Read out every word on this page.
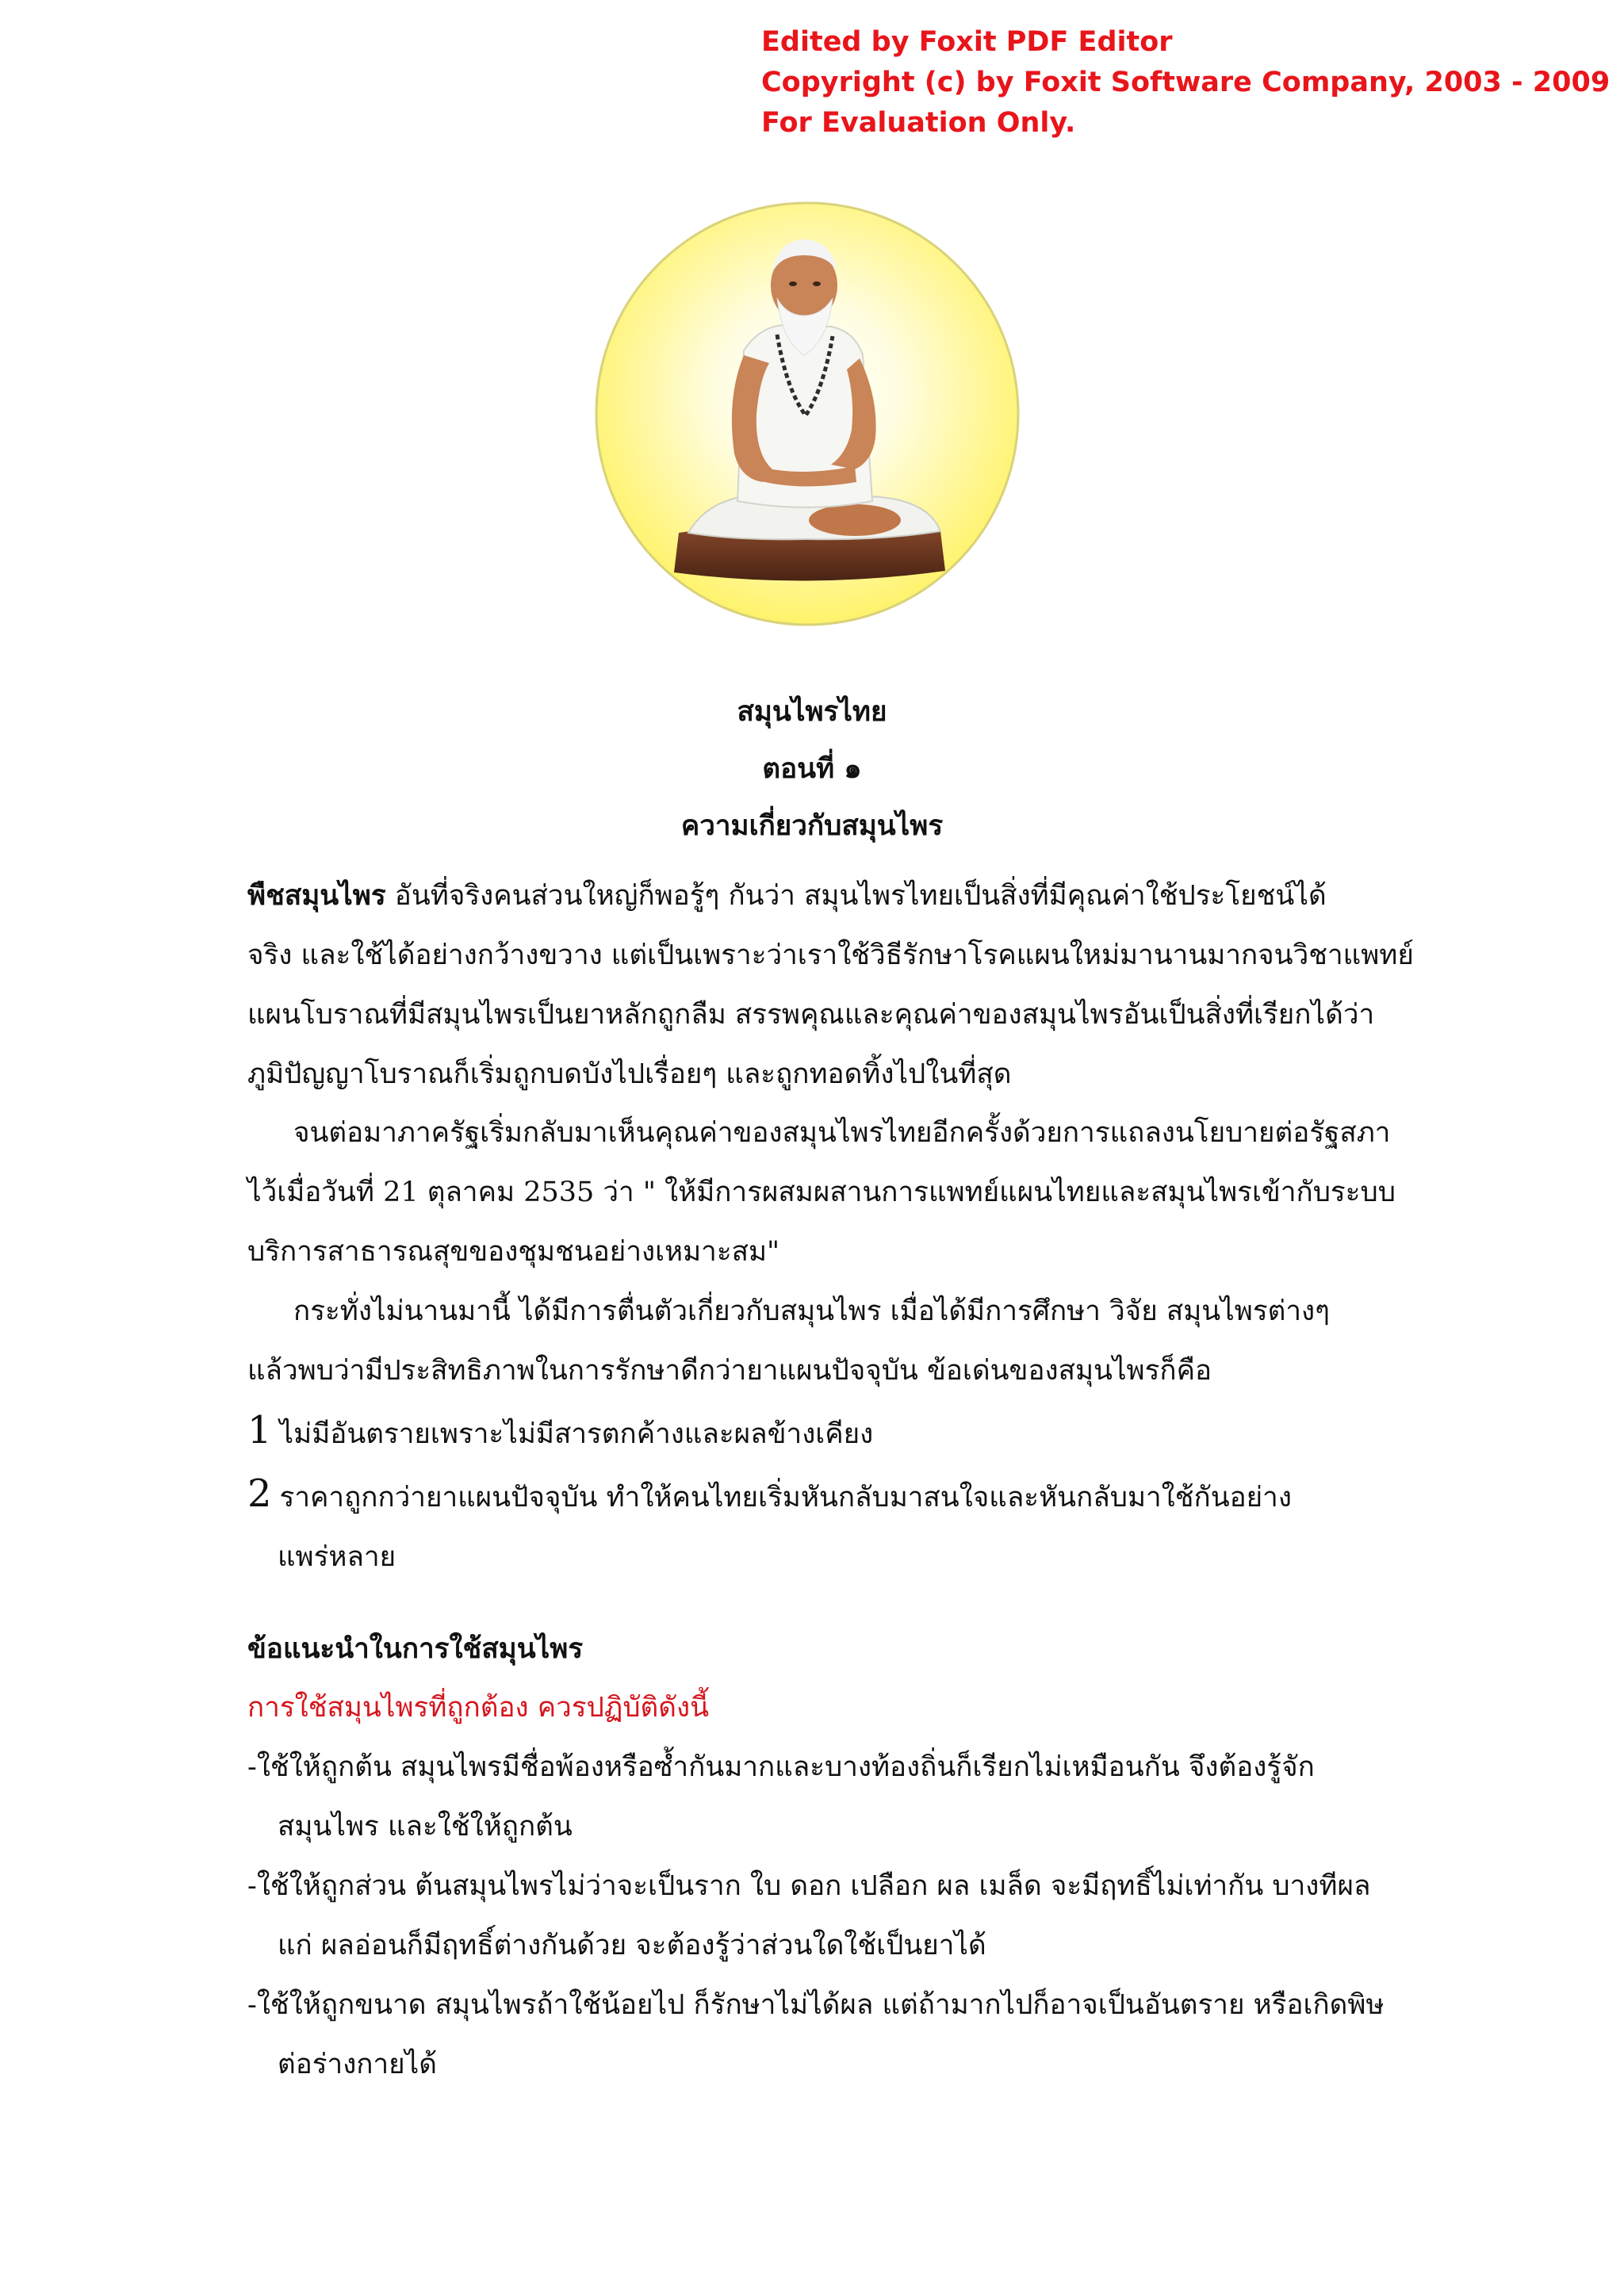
Edited by Foxit PDF Editor
Copyright (c) by Foxit Software Company, 2003 - 2009
For Evaluation Only.
สมุนไพรไทย
ตอนที่ ๑
ความเกี่ยวกับสมุนไพร

พืชสมุนไพร อันที่จริงคนส่วนใหญ่ก็พอรู้ๆ กันว่า สมุนไพรไทยเป็นสิ่งที่มีคุณค่าใช้ประโยชน์ได้

จริง และใช้ได้อย่างกว้างขวาง แต่เป็นเพราะว่าเราใช้วิธีรักษาโรคแผนใหม่มานานมากจนวิชาแพทย์

แผนโบราณที่มีสมุนไพรเป็นยาหลักถูกลืม สรรพคุณและคุณค่าของสมุนไพรอันเป็นสิ่งที่เรียกได้ว่า

ภูมิปัญญาโบราณก็เริ่มถูกบดบังไปเรื่อยๆ และถูกทอดทิ้งไปในที่สุด

จนต่อมาภาครัฐเริ่มกลับมาเห็นคุณค่าของสมุนไพรไทยอีกครั้งด้วยการแถลงนโยบายต่อรัฐสภา

ไว้เมื่อวันที่ 21 ตุลาคม 2535 ว่า " ให้มีการผสมผสานการแพทย์แผนไทยและสมุนไพรเข้ากับระบบ

บริการสาธารณสุขของชุมชนอย่างเหมาะสม"

กระทั่งไม่นานมานี้ ได้มีการตื่นตัวเกี่ยวกับสมุนไพร เมื่อได้มีการศึกษา วิจัย สมุนไพรต่างๆ

แล้วพบว่ามีประสิทธิภาพในการรักษาดีกว่ายาแผนปัจจุบัน ข้อเด่นของสมุนไพรก็คือ

1 ไม่มีอันตรายเพราะไม่มีสารตกค้างและผลข้างเคียง

2 ราคาถูกกว่ายาแผนปัจจุบัน ทำให้คนไทยเริ่มหันกลับมาสนใจและหันกลับมาใช้กันอย่าง

แพร่หลาย

ข้อแนะนำในการใช้สมุนไพร

การใช้สมุนไพรที่ถูกต้อง ควรปฏิบัติดังนี้

-ใช้ให้ถูกต้น สมุนไพรมีชื่อพ้องหรือซ้ำกันมากและบางท้องถิ่นก็เรียกไม่เหมือนกัน จึงต้องรู้จัก

สมุนไพร และใช้ให้ถูกต้น

-ใช้ให้ถูกส่วน ต้นสมุนไพรไม่ว่าจะเป็นราก ใบ ดอก เปลือก ผล เมล็ด จะมีฤทธิ์ไม่เท่ากัน บางทีผล

แก่ ผลอ่อนก็มีฤทธิ์ต่างกันด้วย จะต้องรู้ว่าส่วนใดใช้เป็นยาได้

-ใช้ให้ถูกขนาด สมุนไพรถ้าใช้น้อยไป ก็รักษาไม่ได้ผล แต่ถ้ามากไปก็อาจเป็นอันตราย หรือเกิดพิษ

ต่อร่างกายได้
